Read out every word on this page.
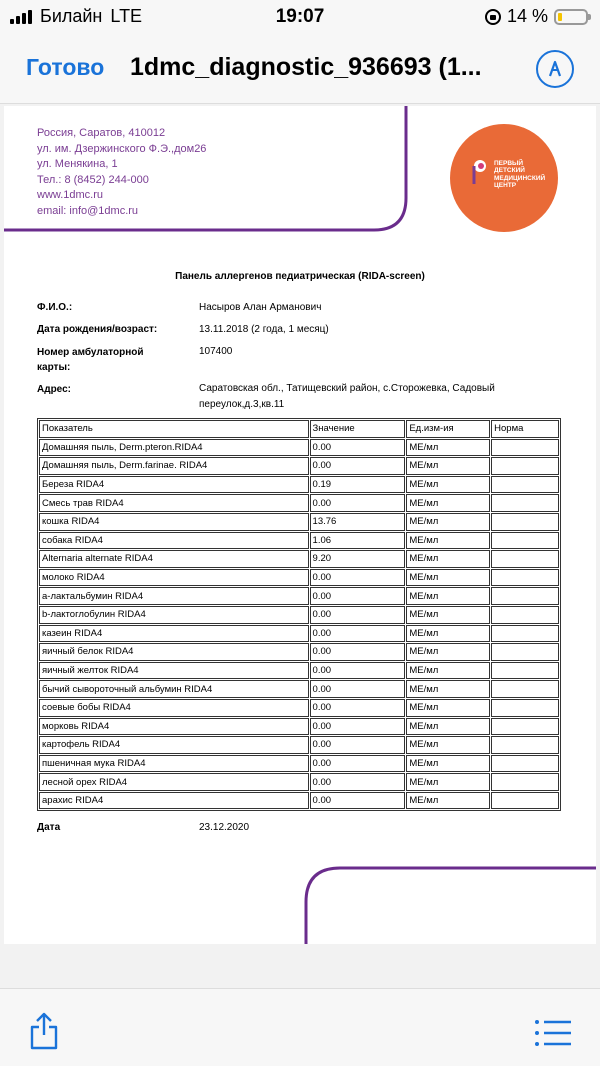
Билайн LTE	19:07	14 %
Готово 1dmc_diagnostic_936693 (1...
Россия, Саратов, 410012
ул. им. Дзержинского Ф.Э.,дом26
ул. Менякина, 1
Тел.: 8 (8452) 244-000
www.1dmc.ru
email: info@1dmc.ru
ПЕРВЫЙ ДЕТСКИЙ МЕДИЦИНСКИЙ ЦЕНТР
Панель аллергенов педиатрическая (RIDA-screen)
Ф.И.О.:	Насыров Алан Арманович
Дата рождения/возраст:	13.11.2018 (2 года, 1 месяц)
Номер амбулаторной карты:
107400
Адрес:	Саратовская обл., Татищевский район, с.Сторожевка, Садовый переулок,д.3,кв.11
Показатель	Значение	Ед.изм-ия	Норма
Домашняя пыль, Derm.pteron.RIDA4	0.00	МЕ/мл	
Домашняя пыль, Derm.farinae. RIDA4	0.00	МЕ/мл	
Береза RIDA4	0.19	МЕ/мл	
Смесь трав RIDA4	0.00	МЕ/мл	
кошка RIDA4	13.76	МЕ/мл	
собака RIDA4	1.06	МЕ/мл	
Alternaria alternate RIDA4	9.20	МЕ/мл	
молоко RIDA4	0.00	МЕ/мл	
а-лактальбумин RIDA4	0.00	МЕ/мл	
b-лактоглобулин RIDA4	0.00	МЕ/мл	
казеин RIDA4	0.00	МЕ/мл	
яичный белок RIDA4	0.00	МЕ/мл	
яичный желток RIDA4	0.00	МЕ/мл	
бычий сывороточный альбумин RIDA4	0.00	МЕ/мл	
соевые бобы RIDA4	0.00	МЕ/мл	
морковь RIDA4	0.00	МЕ/мл	
картофель RIDA4	0.00	МЕ/мл	
пшеничная мука RIDA4	0.00	МЕ/мл	
лесной орех RIDA4	0.00	МЕ/мл	
арахис RIDA4	0.00	МЕ/мл	
Дата	23.12.2020
